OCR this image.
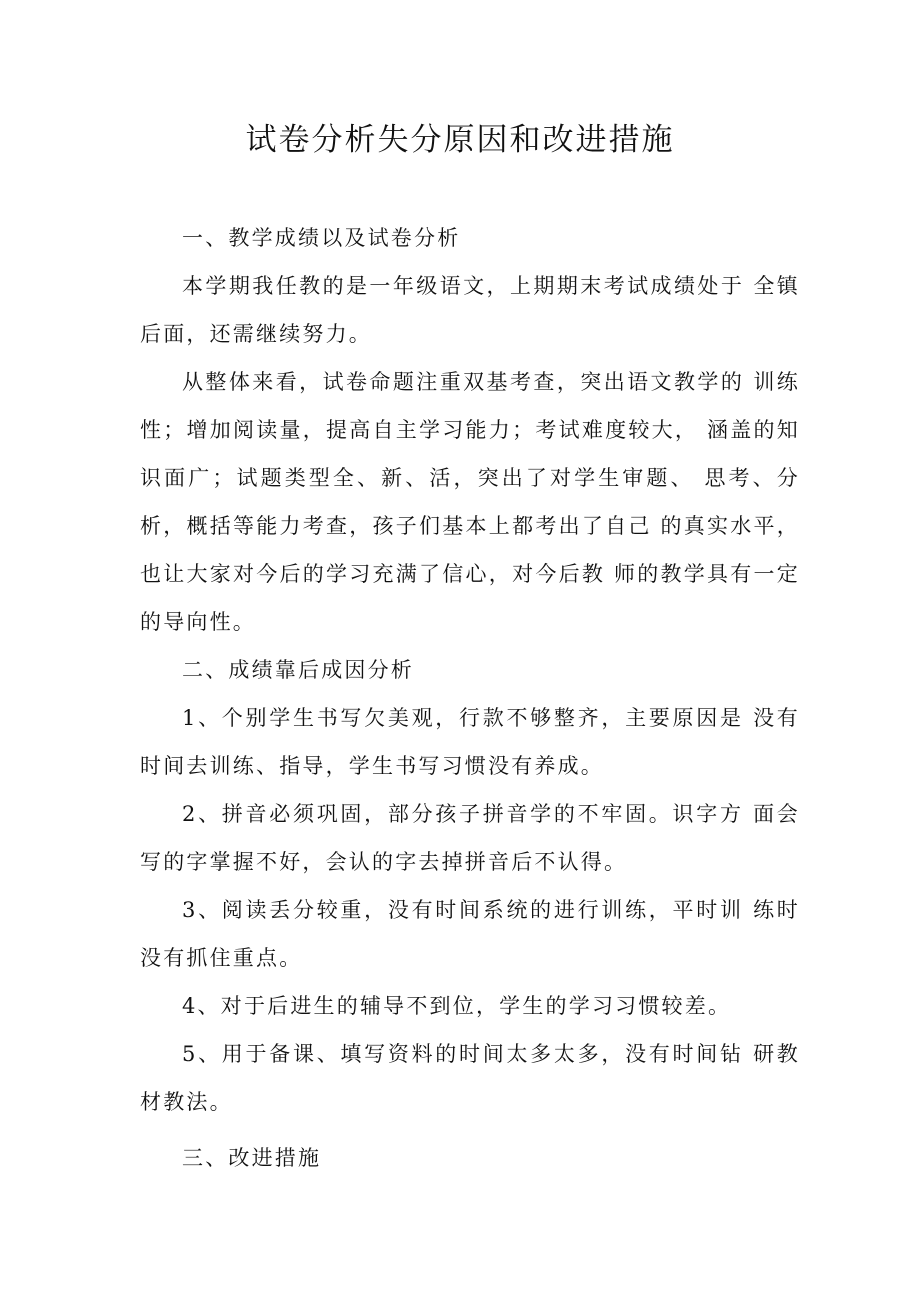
试卷分析失分原因和改进措施

一、教学成绩以及试卷分析

本学期我任教的是一年级语文，上期期末考试成绩处于 全镇后面，还需继续努力。

从整体来看，试卷命题注重双基考查，突出语文教学的 训练性；增加阅读量，提高自主学习能力；考试难度较大， 涵盖的知识面广；试题类型全、新、活，突出了对学生审题、 思考、分析，概括等能力考查，孩子们基本上都考出了自己 的真实水平，也让大家对今后的学习充满了信心，对今后教 师的教学具有一定的导向性。

二、成绩靠后成因分析

1、个别学生书写欠美观，行款不够整齐，主要原因是 没有时间去训练、指导，学生书写习惯没有养成。

2、拼音必须巩固，部分孩子拼音学的不牢固。识字方 面会写的字掌握不好，会认的字去掉拼音后不认得。

3、阅读丢分较重，没有时间系统的进行训练，平时训 练时没有抓住重点。

4、对于后进生的辅导不到位，学生的学习习惯较差。

5、用于备课、填写资料的时间太多太多，没有时间钻 研教材教法。

三、改进措施
